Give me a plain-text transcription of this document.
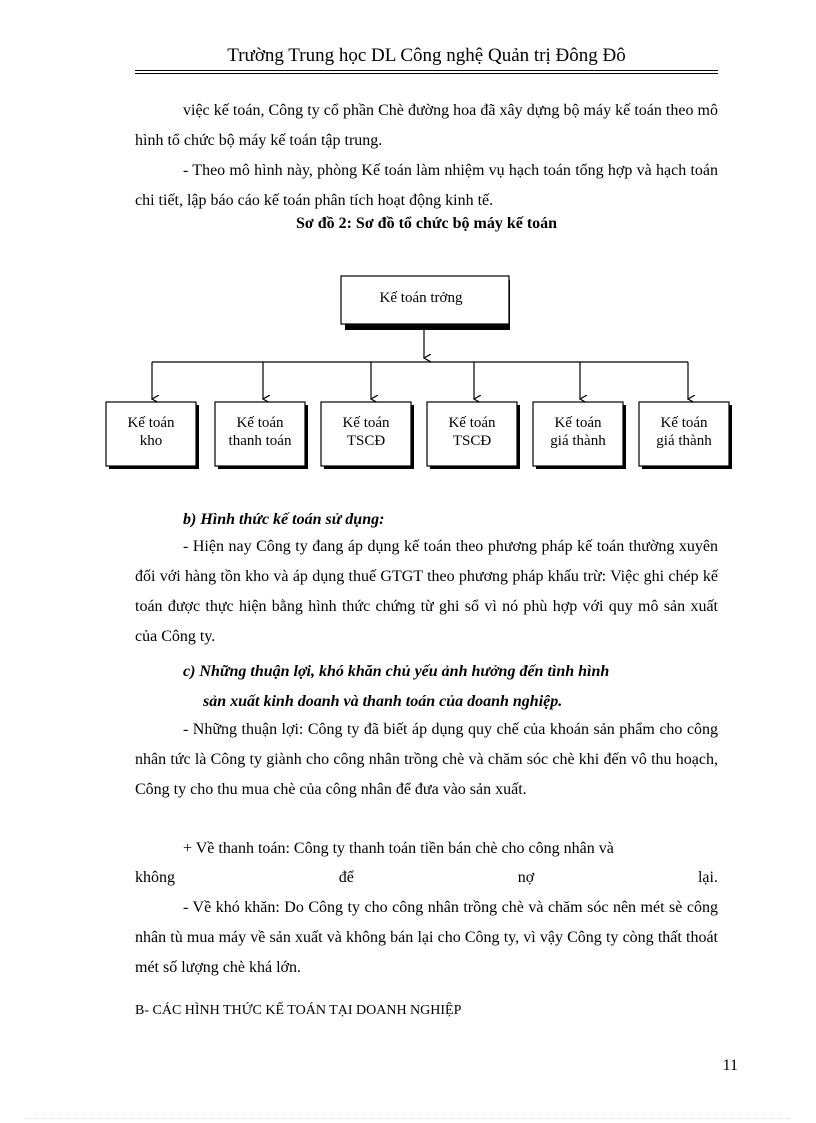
Trường Trung học DL Công nghệ Quản trị Đông Đô

việc kế toán, Công ty cổ phần Chè đường hoa đã xây dựng bộ máy kế toán theo mô hình tổ chức bộ máy kế toán tập trung.

- Theo mô hình này, phòng Kế toán làm nhiệm vụ hạch toán tổng hợp và hạch toán chi tiết, lập báo cáo kế toán phân tích hoạt động kinh tế.

Sơ đồ 2: Sơ đồ tổ chức bộ máy kế toán
Kế toán trởng
Kế toán
kho
Kế toán
thanh toán
Kế toán
TSCĐ
Kế toán
TSCĐ
Kế toán
giá thành
Kế toán
giá thành
b) Hình thức kế toán sử dụng:

- Hiện nay Công ty đang áp dụng kế toán theo phương pháp kế toán thường xuyên đối với hàng tồn kho và áp dụng thuế GTGT theo phương pháp khấu trừ: Việc ghi chép kế toán được thực hiện bằng hình thức chứng từ ghi sổ vì nó phù hợp với quy mô sản xuất của Công ty.

c) Những thuận lợi, khó khăn chủ yếu ảnh hưởng đến tình hình
sản xuất kinh doanh và thanh toán của doanh nghiệp.

- Những thuận lợi: Công ty đã biết áp dụng quy chế của khoán sản phẩm cho công nhân tức là Công ty giành cho công nhân trồng chè và chăm sóc chè khi đến vô thu hoạch, Công ty cho thu mua chè của công nhân để đưa vào sản xuất.

+ Về thanh toán: Công ty thanh toán tiền bán chè cho công nhân và

không	để	nợ	lại.

- Về khó khăn: Do Công ty cho công nhân trồng chè và chăm sóc nên mét sè công nhân tù mua máy về sản xuất và không bán lại cho Công ty, vì vậy Công ty còng thất thoát mét số lượng chè khá lớn.

B- CÁC HÌNH THỨC KẾ TOÁN TẠI DOANH NGHIỆP
11
